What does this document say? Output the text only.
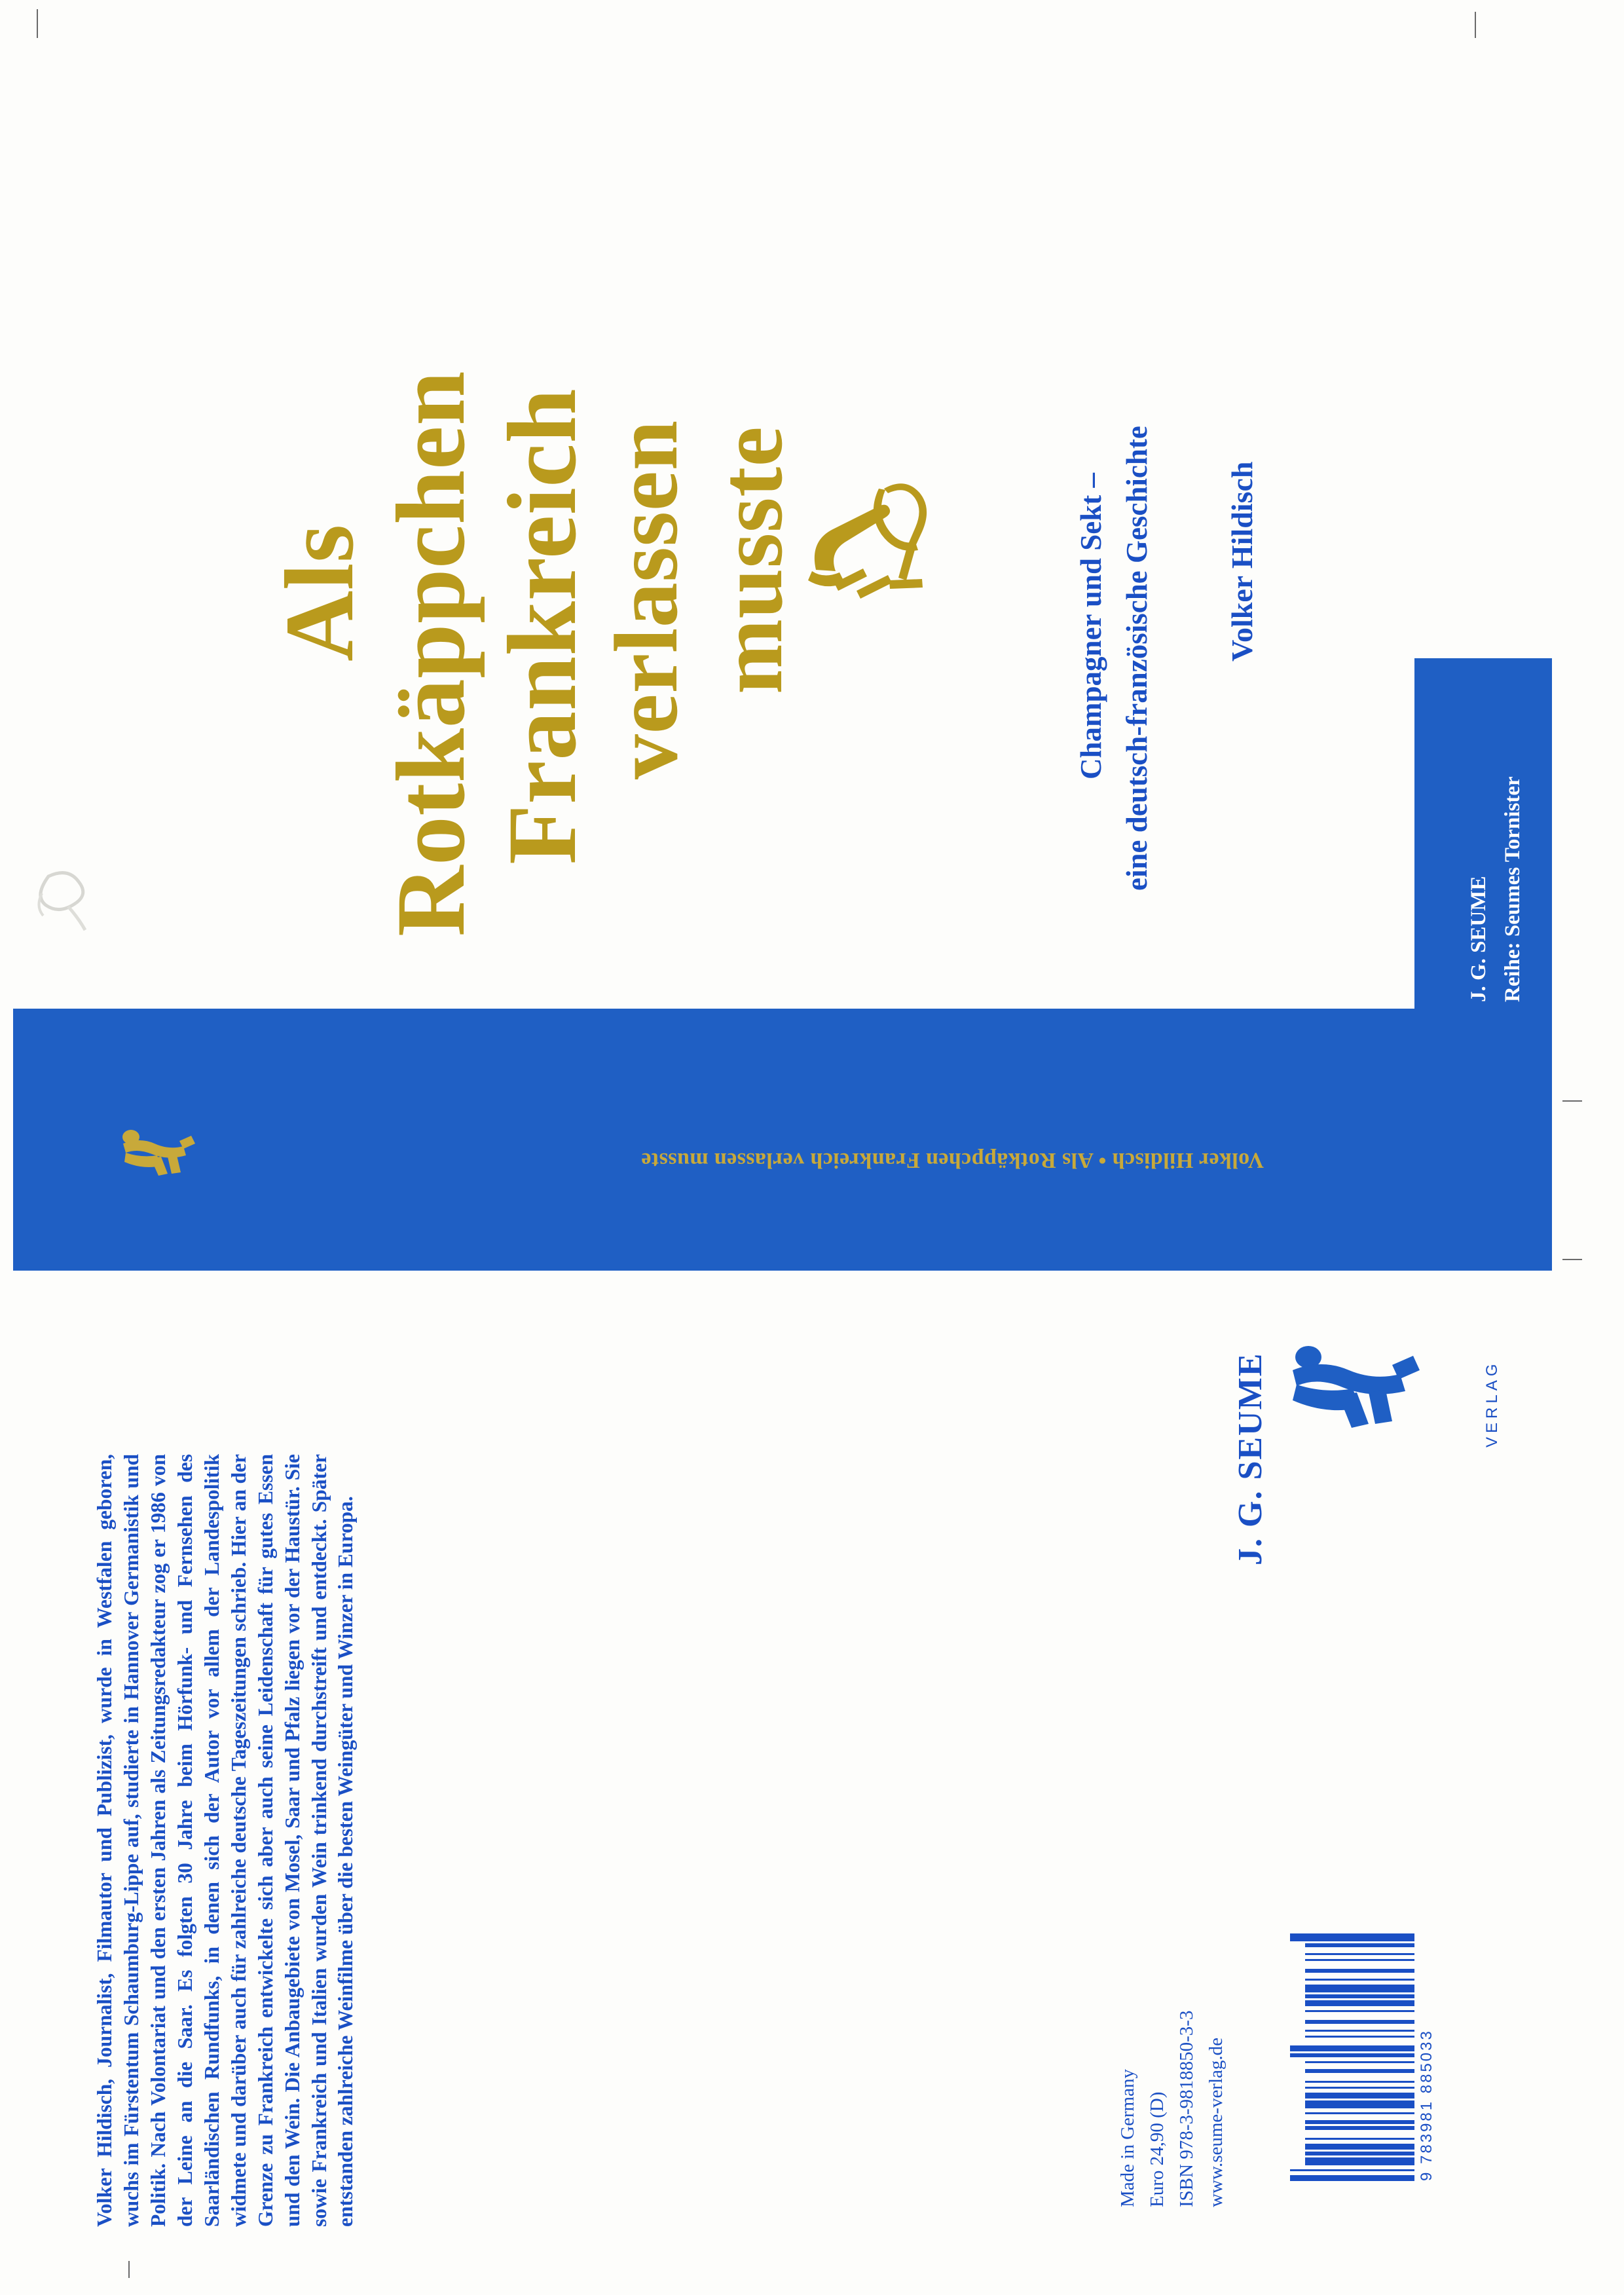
Als Rotkäppchen Frankreich verlassen musste	Champagner und Sekt – eine deutsch-französische Geschichte Volker Hildisch
J. G. SEUME Reihe: Seumes Tornister
Volker Hildisch • Als Rotkäppchen Frankreich verlassen musste
Volker Hildisch, Journalist, Filmautor und Publizist, wurde in Westfalen geboren, wuchs im Fürstentum Schaumburg-Lippe auf, studierte in Hannover Germanistik und Politik. Nach Volontariat und den ersten Jahren als Zeitungsredakteur zog er 1986 von der Leine an die Saar. Es folgten 30 Jahre beim Hörfunk- und Fernsehen des Saarländischen Rundfunks, in denen sich der Autor vor allem der Landespolitik widmete und darüber auch für zahlreiche deutsche Tageszeitungen schrieb. Hier an der Grenze zu Frankreich entwickelte sich aber auch seine Leidenschaft für gutes Essen und den Wein. Die Anbaugebiete von Mosel, Saar und Pfalz liegen vor der Haustür. Sie sowie Frankreich und Italien wurden Wein trinkend durchstreift und entdeckt. Später entstanden zahlreiche Weinfilme über die besten Weingüter und Winzer in Europa.
J. G. SEUME	VERLAG
Made in Germany Euro 24,90 (D) ISBN 978-3-9818850-3-3 www.seume-verlag.de	9 783981 885033
